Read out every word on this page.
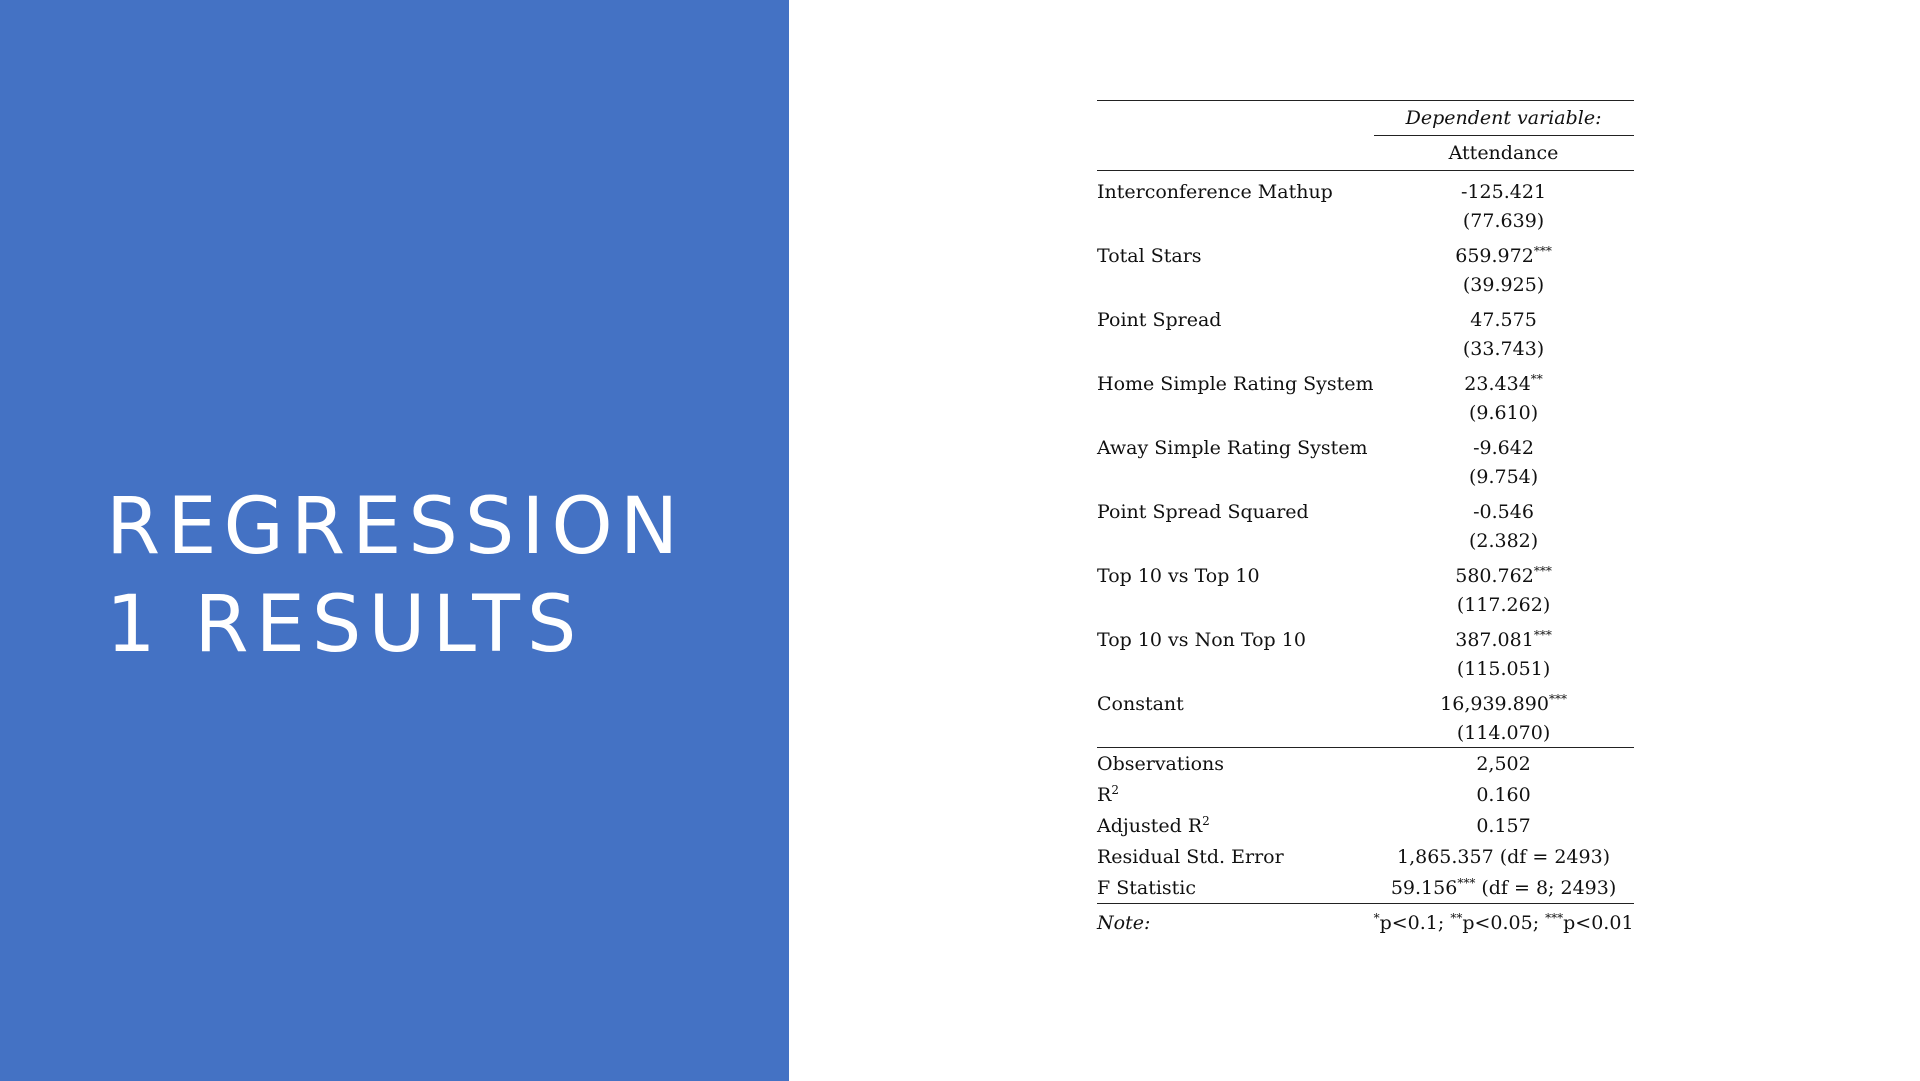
REGRESSION
1 RESULTS

	Dependent variable:
	Attendance
Interconference Mathup	-125.421
	(77.639)
Total Stars	659.972***
	(39.925)
Point Spread	47.575
	(33.743)
Home Simple Rating System	23.434**
	(9.610)
Away Simple Rating System	-9.642
	(9.754)
Point Spread Squared	-0.546
	(2.382)
Top 10 vs Top 10	580.762***
	(117.262)
Top 10 vs Non Top 10	387.081***
	(115.051)
Constant	16,939.890***
	(114.070)

Observations	2,502
$R^2$	0.160
Adjusted $R^2$	0.157
Residual Std. Error	1,865.357 (df = 2493)
F Statistic	59.156*** (df = 8; 2493)
Note:	*p<0.1; **p<0.05; ***p<0.01
